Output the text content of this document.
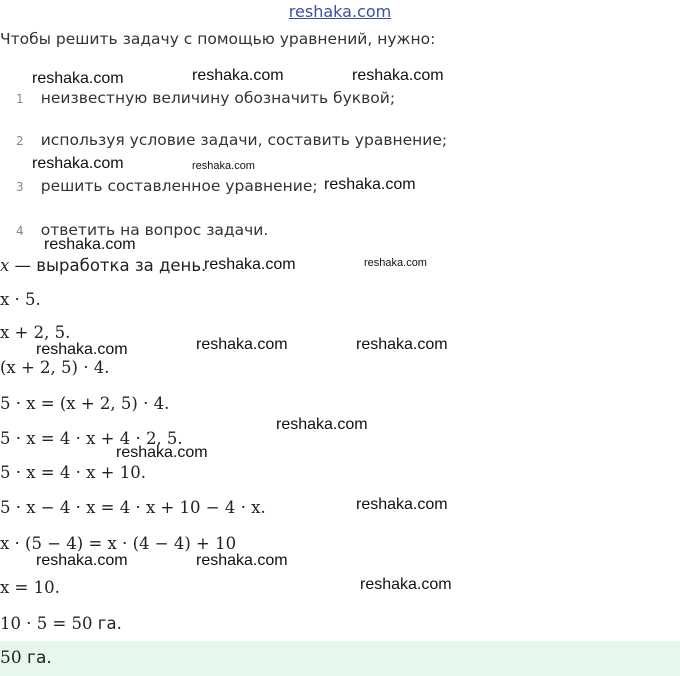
reshaka.com
Чтобы решить задачу с помощью уравнений, нужно:
1 неизвестную величину обозначить буквой;
2 используя условие задачи, составить уравнение;
3 решить составленное уравнение;
4 ответить на вопрос задачи.
x — выработка за день.
x · 5.
x + 2, 5.
(x + 2, 5) · 4.
5 · x = (x + 2, 5) · 4.
5 · x = 4 · x + 4 · 2, 5.
5 · x = 4 · x + 10.
5 · x − 4 · x = 4 · x + 10 − 4 · x.
x · (5 − 4) = x · (4 − 4) + 10
x = 10.
10 · 5 = 50 га.
50 га.
reshaka.com	reshaka.com	reshaka.com
reshaka.com	reshaka.com
reshaka.com
reshaka.com
reshaka.com	reshaka.com
reshaka.com	reshaka.com	reshaka.com
reshaka.com
reshaka.com
reshaka.com
reshaka.com	reshaka.com
reshaka.com
